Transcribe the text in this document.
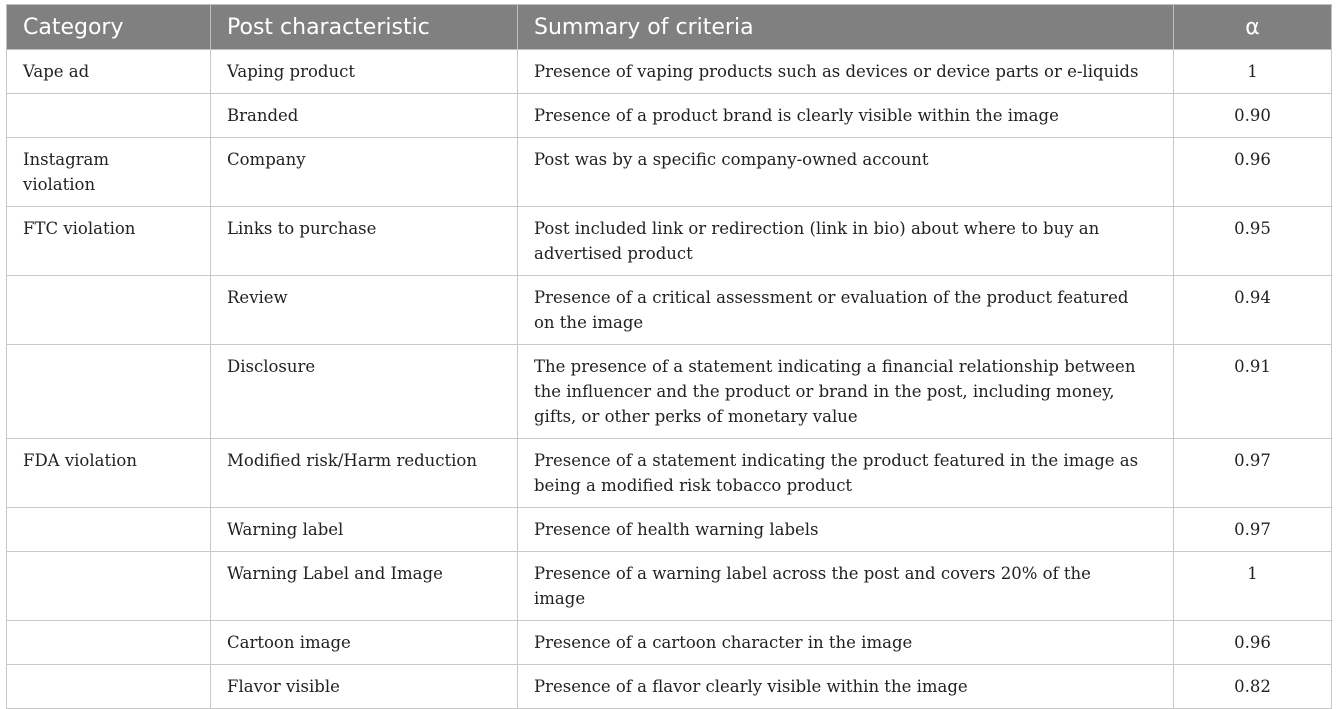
Category	Post characteristic	Summary of criteria	α
Vape ad	Vaping product	Presence of vaping products such as devices or device parts or e-liquids	1
	Branded	Presence of a product brand is clearly visible within the image	0.90
Instagram violation	Company	Post was by a specific company-owned account	0.96
FTC violation	Links to purchase	Post included link or redirection (link in bio) about where to buy an advertised product	0.95
	Review	Presence of a critical assessment or evaluation of the product featured on the image	0.94
	Disclosure	The presence of a statement indicating a financial relationship between the influencer and the product or brand in the post, including money, gifts, or other perks of monetary value	0.91
FDA violation	Modified risk/Harm reduction	Presence of a statement indicating the product featured in the image as being a modified risk tobacco product	0.97
	Warning label	Presence of health warning labels	0.97
	Warning Label and Image	Presence of a warning label across the post and covers 20% of the image	1
	Cartoon image	Presence of a cartoon character in the image	0.96
	Flavor visible	Presence of a flavor clearly visible within the image	0.82
